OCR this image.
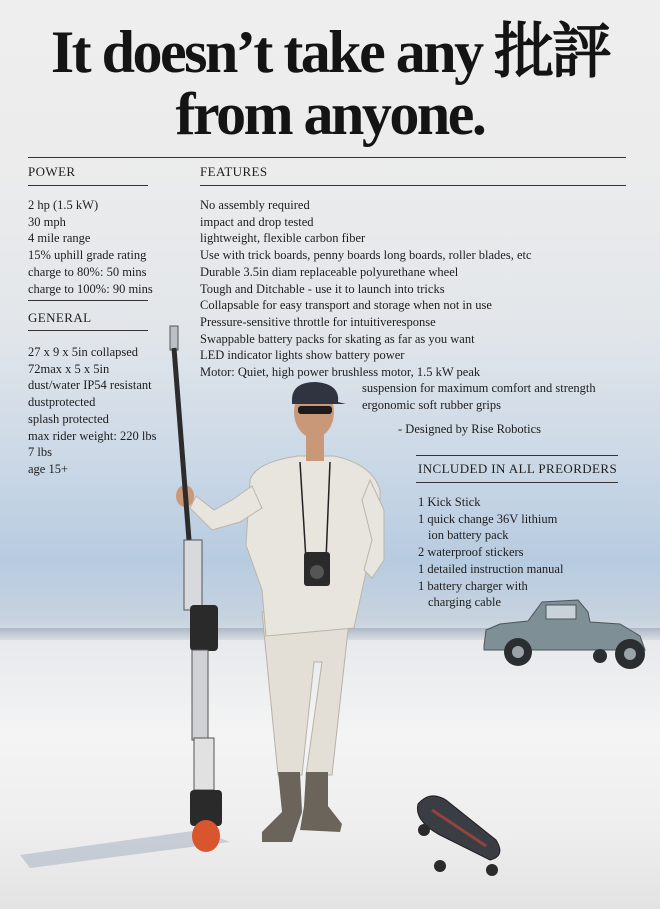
It doesn’t take any 批評
from anyone.
POWER
2 hp (1.5 kW)
30 mph
4 mile range
15% uphill grade rating
charge to 80%: 50 mins
charge to 100%: 90 mins
GENERAL
27 x 9 x 5in collapsed
72max x 5 x 5in
dust/water IP54 resistant
dustprotected
splash protected
max rider weight: 220 lbs
7 lbs
age 15+
FEATURES
No assembly required
impact and drop tested
lightweight, flexible carbon fiber
Use with trick boards, penny boards long boards, roller blades, etc
Durable 3.5in diam replaceable polyurethane wheel
Tough and Ditchable - use it to launch into tricks
Collapsable for easy transport and storage when not in use
Pressure-sensitive throttle for intuitiveresponse
Swappable battery packs for skating as far as you want
LED indicator lights show battery power
Motor: Quiet, high power brushless motor, 1.5 kW peak
suspension for maximum comfort and strength
ergonomic soft rubber grips
- Designed by Rise Robotics
INCLUDED IN ALL PREORDERS
1 Kick Stick
1 quick change 36V lithium
ion battery pack
2 waterproof stickers
1 detailed instruction manual
1 battery charger with
charging cable
